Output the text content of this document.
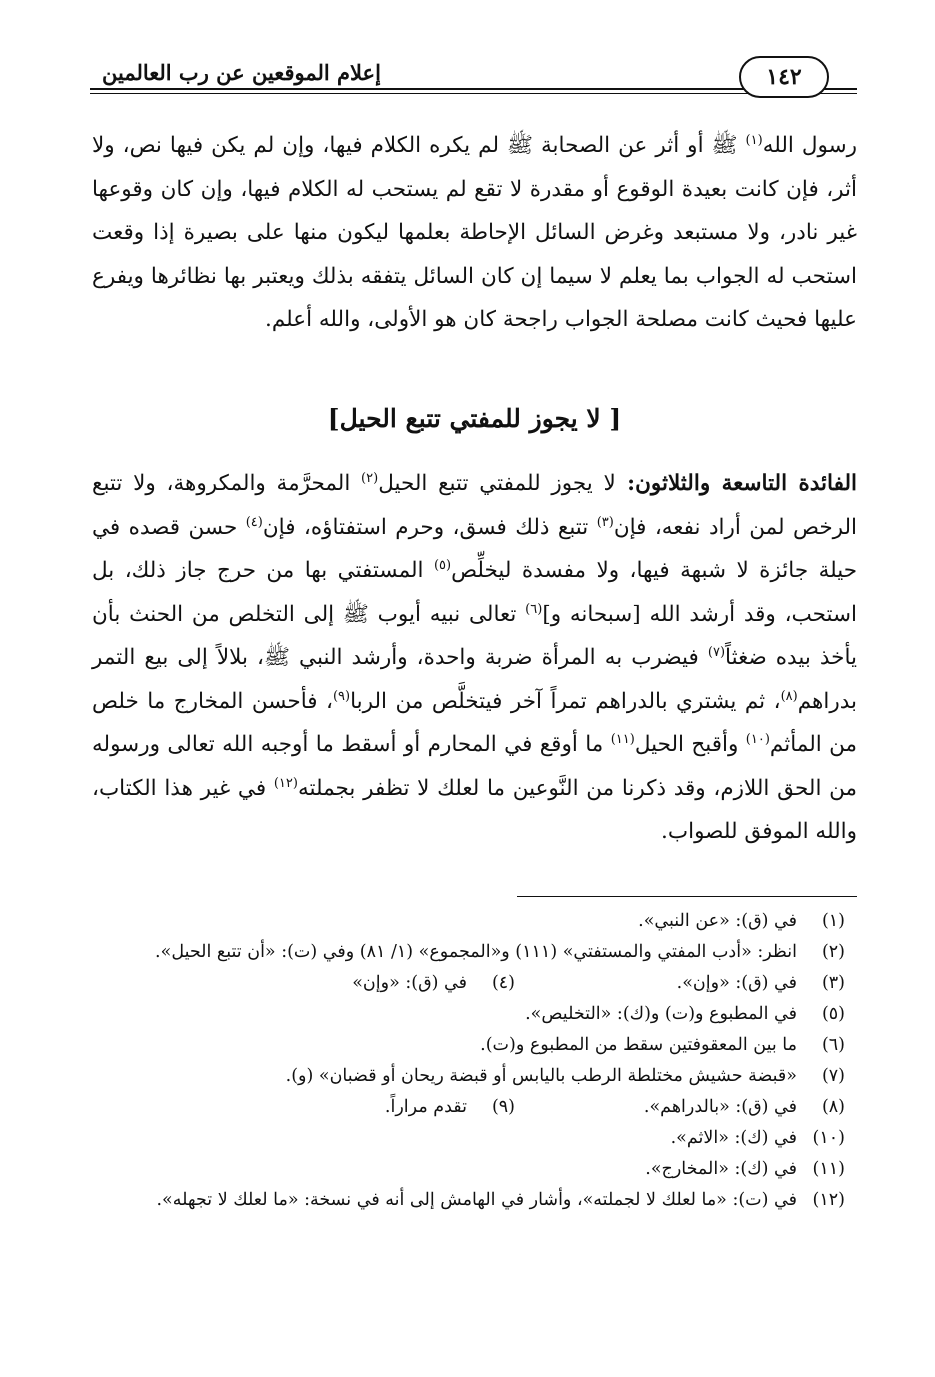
١٤٢
إعلام الموقعين عن رب العالمين

رسول الله$^{(١)}$ ﷺ أو أثر عن الصحابة ﷺ لم يكره الكلام فيها، وإن لم يكن فيها نص، ولا أثر، فإن كانت بعيدة الوقوع أو مقدرة لا تقع لم يستحب له الكلام فيها، وإن كان وقوعها غير نادر، ولا مستبعد وغرض السائل الإحاطة بعلمها ليكون منها على بصيرة إذا وقعت استحب له الجواب بما يعلم لا سيما إن كان السائل يتفقه بذلك ويعتبر بها نظائرها ويفرع عليها فحيث كانت مصلحة الجواب راجحة كان هو الأولى، والله أعلم.

[ لا يجوز للمفتي تتبع الحيل]

الفائدة التاسعة والثلاثون: لا يجوز للمفتي تتبع الحيل$^{(٢)}$ المحرَّمة والمكروهة، ولا تتبع الرخص لمن أراد نفعه، فإن$^{(٣)}$ تتبع ذلك فسق، وحرم استفتاؤه، فإن$^{(٤)}$ حسن قصده في حيلة جائزة لا شبهة فيها، ولا مفسدة ليخلِّص$^{(٥)}$ المستفتي بها من حرج جاز ذلك، بل استحب، وقد أرشد الله [سبحانه و]$^{(٦)}$ تعالى نبيه أيوب ﷺ إلى التخلص من الحنث بأن يأخذ بيده ضغثاً$^{(٧)}$ فيضرب به المرأة ضربة واحدة، وأرشد النبي ﷺ، بلالاً إلى بيع التمر بدراهم$^{(٨)}$، ثم يشتري بالدراهم تمراً آخر فيتخلَّص من الربا$^{(٩)}$، فأحسن المخارج ما خلص من المأثم$^{(١٠)}$ وأقبح الحيل$^{(١١)}$ ما أوقع في المحارم أو أسقط ما أوجبه الله تعالى ورسوله من الحق اللازم، وقد ذكرنا من النَّوعين ما لعلك لا تظفر بجملته$^{(١٢)}$ في غير هذا الكتاب، والله الموفق للصواب.

(١)
في (ق): «عن النبي».
(٢)
انظر: «أدب المفتي والمستفتي» (١١١) و«المجموع» (١/ ٨١) وفي (ت): «أن تتبع الحيل».
(٣)
في (ق): «وإن».
(٤)
في (ق): «وإن»
(٥)
في المطبوع و(ت) و(ك): «التخليص».
(٦)
ما بين المعقوفتين سقط من المطبوع و(ت).
(٧)
«قبضة حشيش مختلطة الرطب باليابس أو قبضة ريحان أو قضبان» (و).
(٨)
في (ق): «بالدراهم».
(٩)
تقدم مراراً.
(١٠)
في (ك): «الاثم».
(١١)
في (ك): «المخارج».
(١٢)
في (ت): «ما لعلك لا لجملته»، وأشار في الهامش إلى أنه في نسخة: «ما لعلك لا تجهله».
